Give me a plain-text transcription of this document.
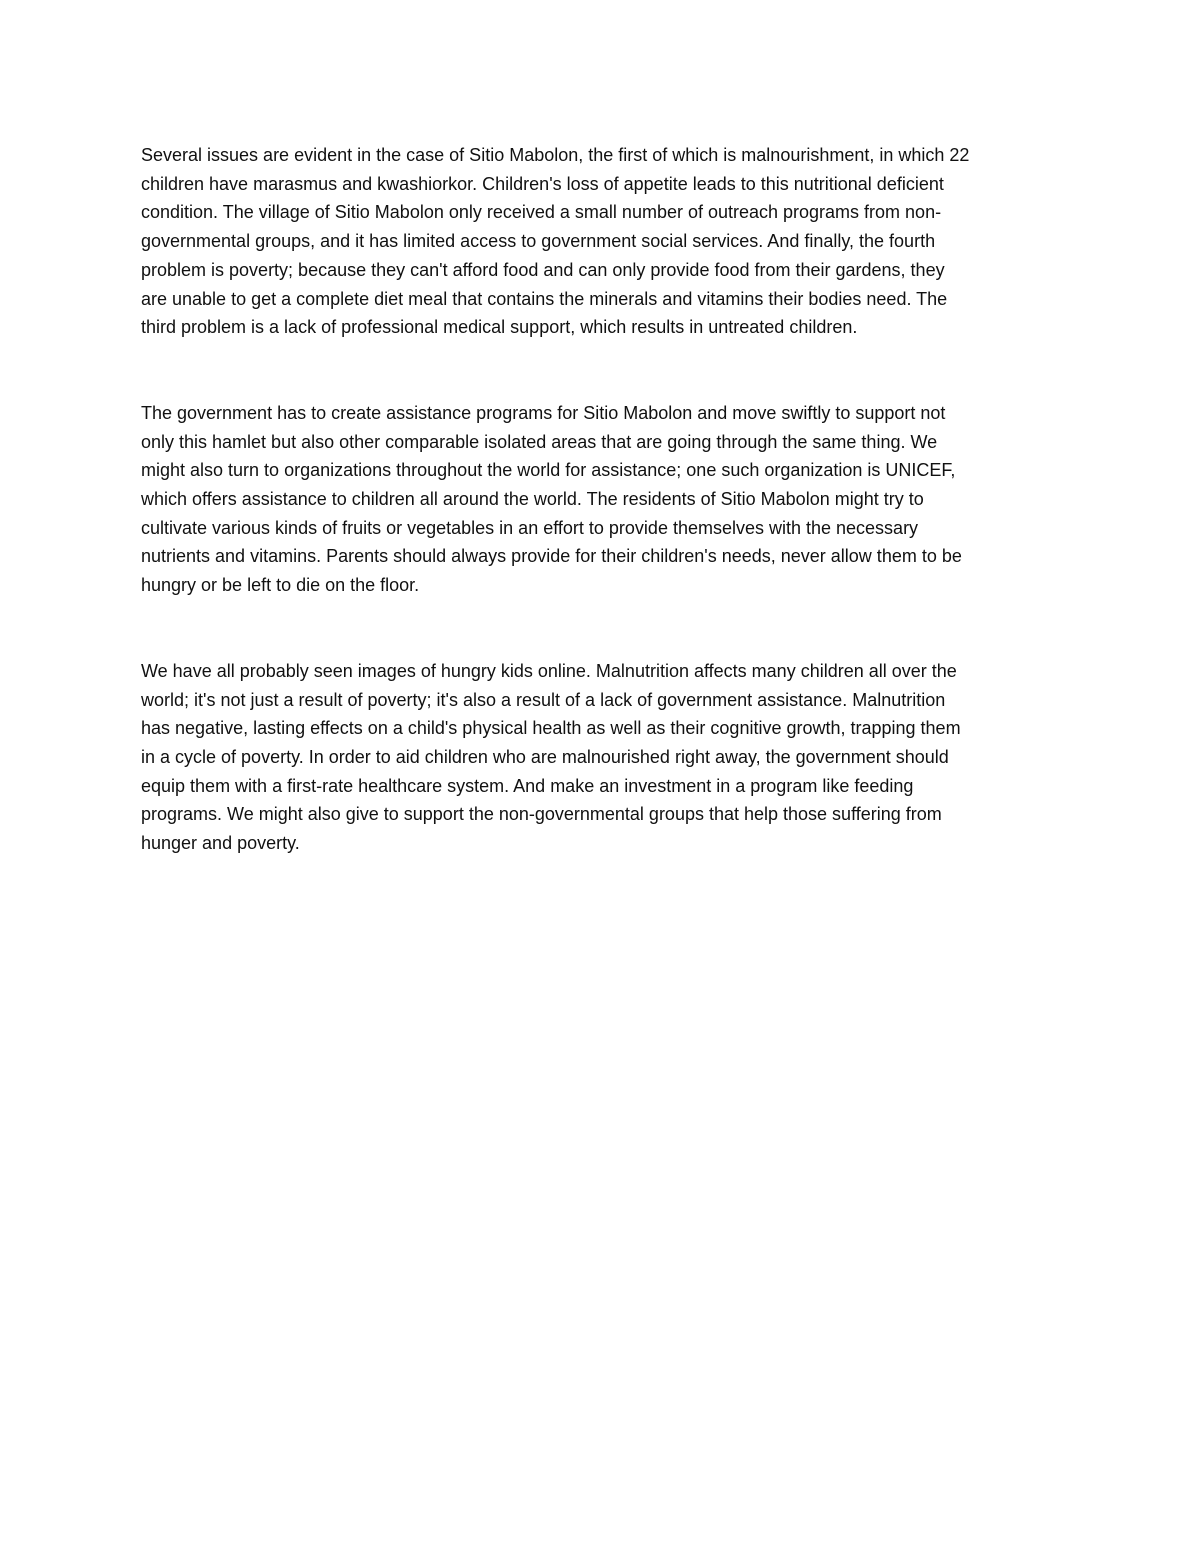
Several issues are evident in the case of Sitio Mabolon, the first of which is malnourishment, in which 22
children have marasmus and kwashiorkor. Children's loss of appetite leads to this nutritional deficient
condition. The village of Sitio Mabolon only received a small number of outreach programs from non-
governmental groups, and it has limited access to government social services. And finally, the fourth
problem is poverty; because they can't afford food and can only provide food from their gardens, they
are unable to get a complete diet meal that contains the minerals and vitamins their bodies need. The
third problem is a lack of professional medical support, which results in untreated children.

The government has to create assistance programs for Sitio Mabolon and move swiftly to support not
only this hamlet but also other comparable isolated areas that are going through the same thing. We
might also turn to organizations throughout the world for assistance; one such organization is UNICEF,
which offers assistance to children all around the world. The residents of Sitio Mabolon might try to
cultivate various kinds of fruits or vegetables in an effort to provide themselves with the necessary
nutrients and vitamins. Parents should always provide for their children's needs, never allow them to be
hungry or be left to die on the floor.

We have all probably seen images of hungry kids online. Malnutrition affects many children all over the
world; it's not just a result of poverty; it's also a result of a lack of government assistance. Malnutrition
has negative, lasting effects on a child's physical health as well as their cognitive growth, trapping them
in a cycle of poverty. In order to aid children who are malnourished right away, the government should
equip them with a first-rate healthcare system. And make an investment in a program like feeding
programs. We might also give to support the non-governmental groups that help those suffering from
hunger and poverty.
